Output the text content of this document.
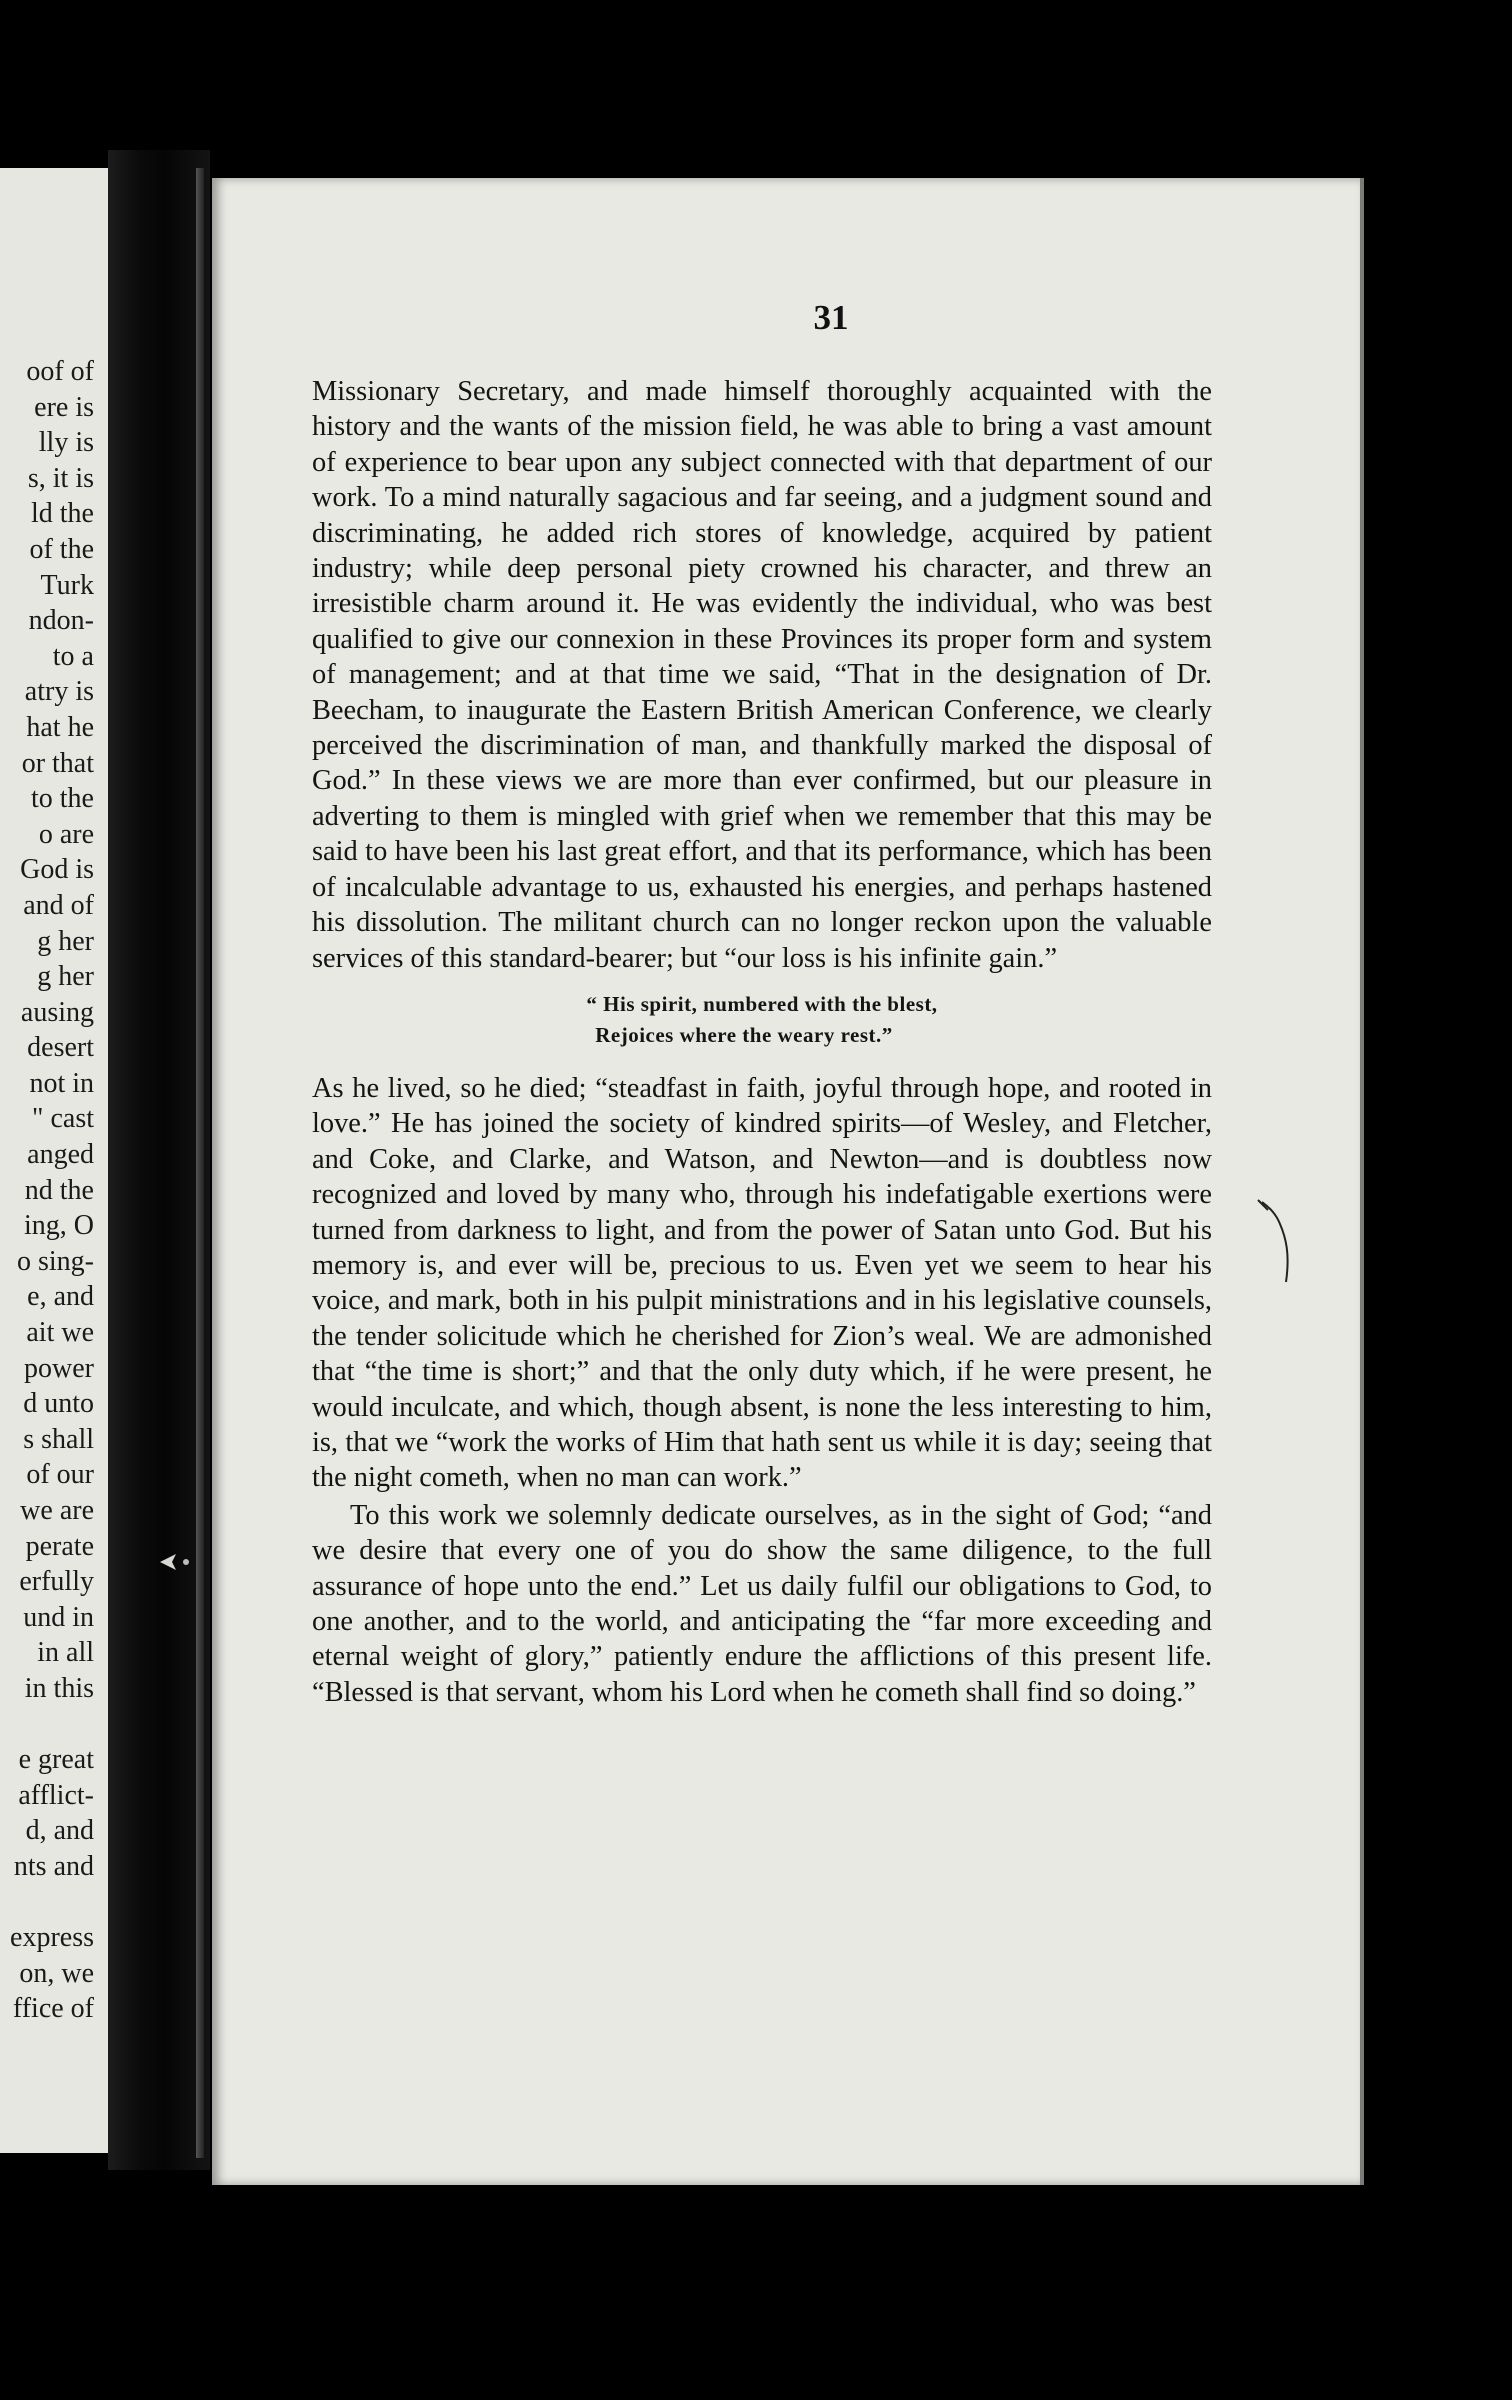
oof of
ere is
lly is
s, it is
ld the
of the
Turk
ndon-
to a
atry is
hat he
or that
to the
o are
God is
and of
g her
g her
ausing
desert
not in
" cast
anged
nd the
ing, O
o sing-
e, and
ait we
power
d unto
s shall
of our
we are
perate
erfully
und in
in all
in this

e great
afflict-
d, and
nts and

express
on, we
ffice of
31

Missionary Secretary, and made himself thoroughly acquainted with the history and the wants of the mission field, he was able to bring a vast amount of experience to bear upon any subject connected with that department of our work. To a mind naturally sagacious and far seeing, and a judgment sound and discriminating, he added rich stores of knowledge, acquired by patient industry; while deep personal piety crowned his character, and threw an irresistible charm around it. He was evidently the individual, who was best qualified to give our connexion in these Provinces its proper form and system of management; and at that time we said, “That in the designation of Dr. Beecham, to inaugurate the Eastern British American Conference, we clearly perceived the discrimination of man, and thankfully marked the disposal of God.” In these views we are more than ever confirmed, but our pleasure in adverting to them is mingled with grief when we remember that this may be said to have been his last great effort, and that its performance, which has been of incalculable advantage to us, exhausted his energies, and perhaps hastened his dissolution. The militant church can no longer reckon upon the valuable services of this standard-bearer; but “our loss is his infinite gain.”

“ His spirit, numbered with the blest,
Rejoices where the weary rest.”

As he lived, so he died; “steadfast in faith, joyful through hope, and rooted in love.” He has joined the society of kindred spirits—of Wesley, and Fletcher, and Coke, and Clarke, and Watson, and Newton—and is doubtless now recognized and loved by many who, through his indefatigable exertions were turned from darkness to light, and from the power of Satan unto God. But his memory is, and ever will be, precious to us. Even yet we seem to hear his voice, and mark, both in his pulpit ministrations and in his legislative counsels, the tender solicitude which he cherished for Zion’s weal. We are admonished that “the time is short;” and that the only duty which, if he were present, he would inculcate, and which, though absent, is none the less interesting to him, is, that we “work the works of Him that hath sent us while it is day; seeing that the night cometh, when no man can work.”

To this work we solemnly dedicate ourselves, as in the sight of God; “and we desire that every one of you do show the same diligence, to the full assurance of hope unto the end.” Let us daily fulfil our obligations to God, to one another, and to the world, and anticipating the “far more exceeding and eternal weight of glory,” patiently endure the afflictions of this present life. “Blessed is that servant, whom his Lord when he cometh shall find so doing.”
